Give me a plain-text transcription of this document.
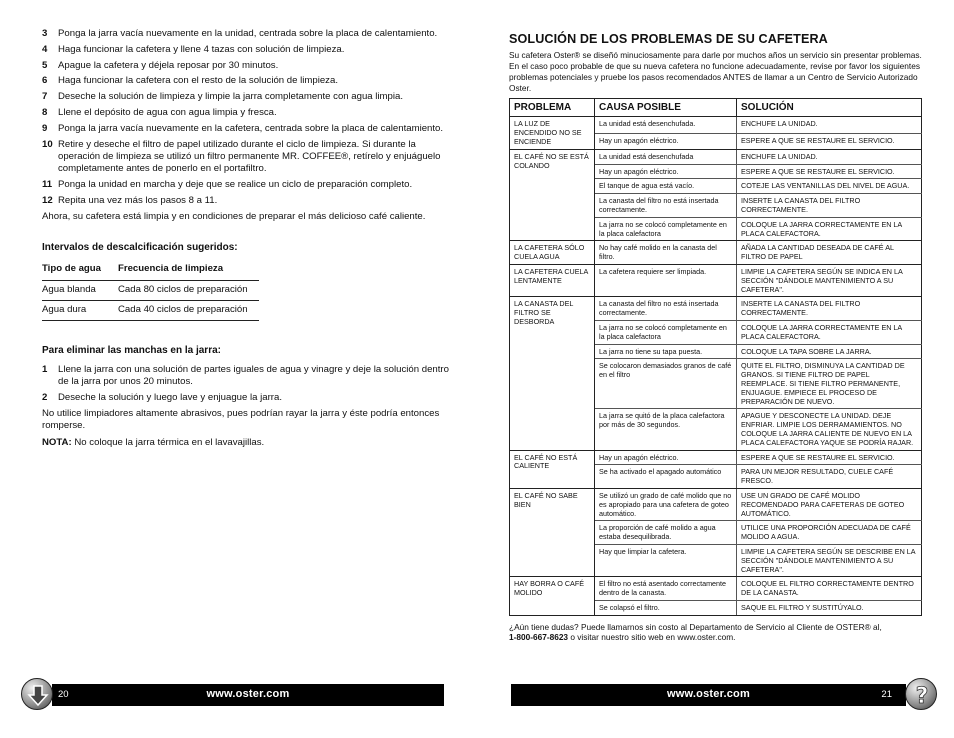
3	Ponga la jarra vacía nuevamente en la unidad, centrada sobre la placa de calentamiento.
4	Haga funcionar la cafetera y llene 4 tazas con solución de limpieza.
5	Apague la cafetera y déjela reposar por 30 minutos.
6	Haga funcionar la cafetera con el resto de la solución de limpieza.
7	Deseche la solución de limpieza y limpie la jarra completamente con agua limpia.
8	Llene el depósito de agua con agua limpia y fresca.
9	Ponga la jarra vacía nuevamente en la cafetera, centrada sobre la placa de calentamiento.
10 Retire y deseche el filtro de papel utilizado durante el ciclo de limpieza. Si durante la operación de limpieza se utilizó un filtro permanente MR. COFFEE®, retírelo y enjuáguelo completamente antes de ponerlo en el portafiltro.
11 Ponga la unidad en marcha y deje que se realice un ciclo de preparación completo.
12 Repita una vez más los pasos 8 a 11.

Ahora, su cafetera está limpia y en condiciones de preparar el más delicioso café caliente.

Intervalos de descalcificación sugeridos:
Tipo de agua	Frecuencia de limpieza
Agua blanda	Cada 80 ciclos de preparación
Agua dura	Cada 40 ciclos de preparación
Para eliminar las manchas en la jarra:
1	Llene la jarra con una solución de partes iguales de agua y vinagre y deje la solución dentro de la jarra por unos 20 minutos.
2	Deseche la solución y luego lave y enjuague la jarra.

No utilice limpiadores altamente abrasivos, pues podrían rayar la jarra y éste podría entonces romperse.

NOTA: No coloque la jarra térmica en el lavavajillas.

SOLUCIÓN DE LOS PROBLEMAS DE SU CAFETERA

Su cafetera Oster® se diseñó minuciosamente para darle por muchos años un servicio sin presentar problemas. En el caso poco probable de que su nueva cafetera no funcione adecuadamente, revise por favor los siguientes problemas potenciales y pruebe los pasos recomendados ANTES de llamar a un Centro de Servicio Autorizado Oster.

PROBLEMA	CAUSA POSIBLE	SOLUCIÓN
LA LUZ DE ENCENDIDO NO SE ENCIENDE	La unidad está desenchufada.	ENCHUFE LA UNIDAD.
	Hay un apagón eléctrico.	ESPERE A QUE SE RESTAURE EL SERVICIO.
EL CAFÉ NO SE ESTÁ COLANDO	La unidad está desenchufada	ENCHUFE LA UNIDAD.
	Hay un apagón eléctrico.	ESPERE A QUE SE RESTAURE EL SERVICIO.
	El tanque de agua está vacío.	COTEJE LAS VENTANILLAS DEL NIVEL DE AGUA.
	La canasta del filtro no está insertada correctamente.	INSERTE LA CANASTA DEL FILTRO CORRECTAMENTE.
	La jarra no se colocó completamente en la placa calefactora	COLOQUE LA JARRA CORRECTAMENTE EN LA PLACA CALEFACTORA.
LA CAFETERA SÓLO CUELA AGUA	No hay café molido en la canasta del filtro.	AÑADA LA CANTIDAD DESEADA DE CAFÉ AL FILTRO DE PAPEL
LA CAFETERA CUELA LENTAMENTE	La cafetera requiere ser limpiada.	LIMPIE LA CAFETERA SEGÚN SE INDICA EN LA SECCIÓN "DÁNDOLE MANTENIMIENTO A SU CAFETERA".
LA CANASTA DEL FILTRO SE DESBORDA	La canasta del filtro no está insertada correctamente.	INSERTE LA CANASTA DEL FILTRO CORRECTAMENTE.
	La jarra no se colocó completamente en la placa calefactora	COLOQUE LA JARRA CORRECTAMENTE EN LA PLACA CALEFACTORA.
	La jarra no tiene su tapa puesta.	COLOQUE LA TAPA SOBRE LA JARRA.
	Se colocaron demasiados granos de café en el filtro	QUITE EL FILTRO, DISMINUYA LA CANTIDAD DE GRANOS. SI TIENE FILTRO DE PAPEL REEMPLACE. SI TIENE FILTRO PERMANENTE, ENJUAGUE. EMPIECE EL PROCESO DE PREPARACIÓN DE NUEVO.
	La jarra se quitó de la placa calefactora por más de 30 segundos.	APAGUE Y DESCONECTE LA UNIDAD. DEJE ENFRIAR. LIMPIE LOS DERRAMAMIENTOS. NO COLOQUE LA JARRA CALIENTE DE NUEVO EN LA PLACA CALEFACTORA YAQUE SE PODRÍA RAJAR.
EL CAFÉ NO ESTÁ CALIENTE	Hay un apagón eléctrico.	ESPERE A QUE SE RESTAURE EL SERVICIO.
	Se ha activado el apagado automático	PARA UN MEJOR RESULTADO, CUELE CAFÉ FRESCO.
EL CAFÉ NO SABE BIEN	Se utilizó un grado de café molido que no es apropiado para una cafetera de goteo automático.	USE UN GRADO DE CAFÉ MOLIDO RECOMENDADO PARA CAFETERAS DE GOTEO AUTOMÁTICO.
	La proporción de café molido a agua estaba desequilibrada.	UTILICE UNA PROPORCIÓN ADECUADA DE CAFÉ MOLIDO A AGUA.
	Hay que limpiar la cafetera.	LIMPIE LA CAFETERA SEGÚN SE DESCRIBE EN LA SECCIÓN "DÁNDOLE MANTENIMIENTO A SU CAFETERA".
HAY BORRA O CAFÉ MOLIDO	El filtro no está asentado correctamente dentro de la canasta.	COLOQUE EL FILTRO CORRECTAMENTE DENTRO DE LA CANASTA.
	Se colapsó el filtro.	SAQUE EL FILTRO Y SUSTITÚYALO.

¿Aún tiene dudas? Puede llamarnos sin costo al Departamento de Servicio al Cliente de OSTER® al,
1-800-667-8623 o visitar nuestro sitio web en www.oster.com.

20	www.oster.com	www.oster.com	21 ?
